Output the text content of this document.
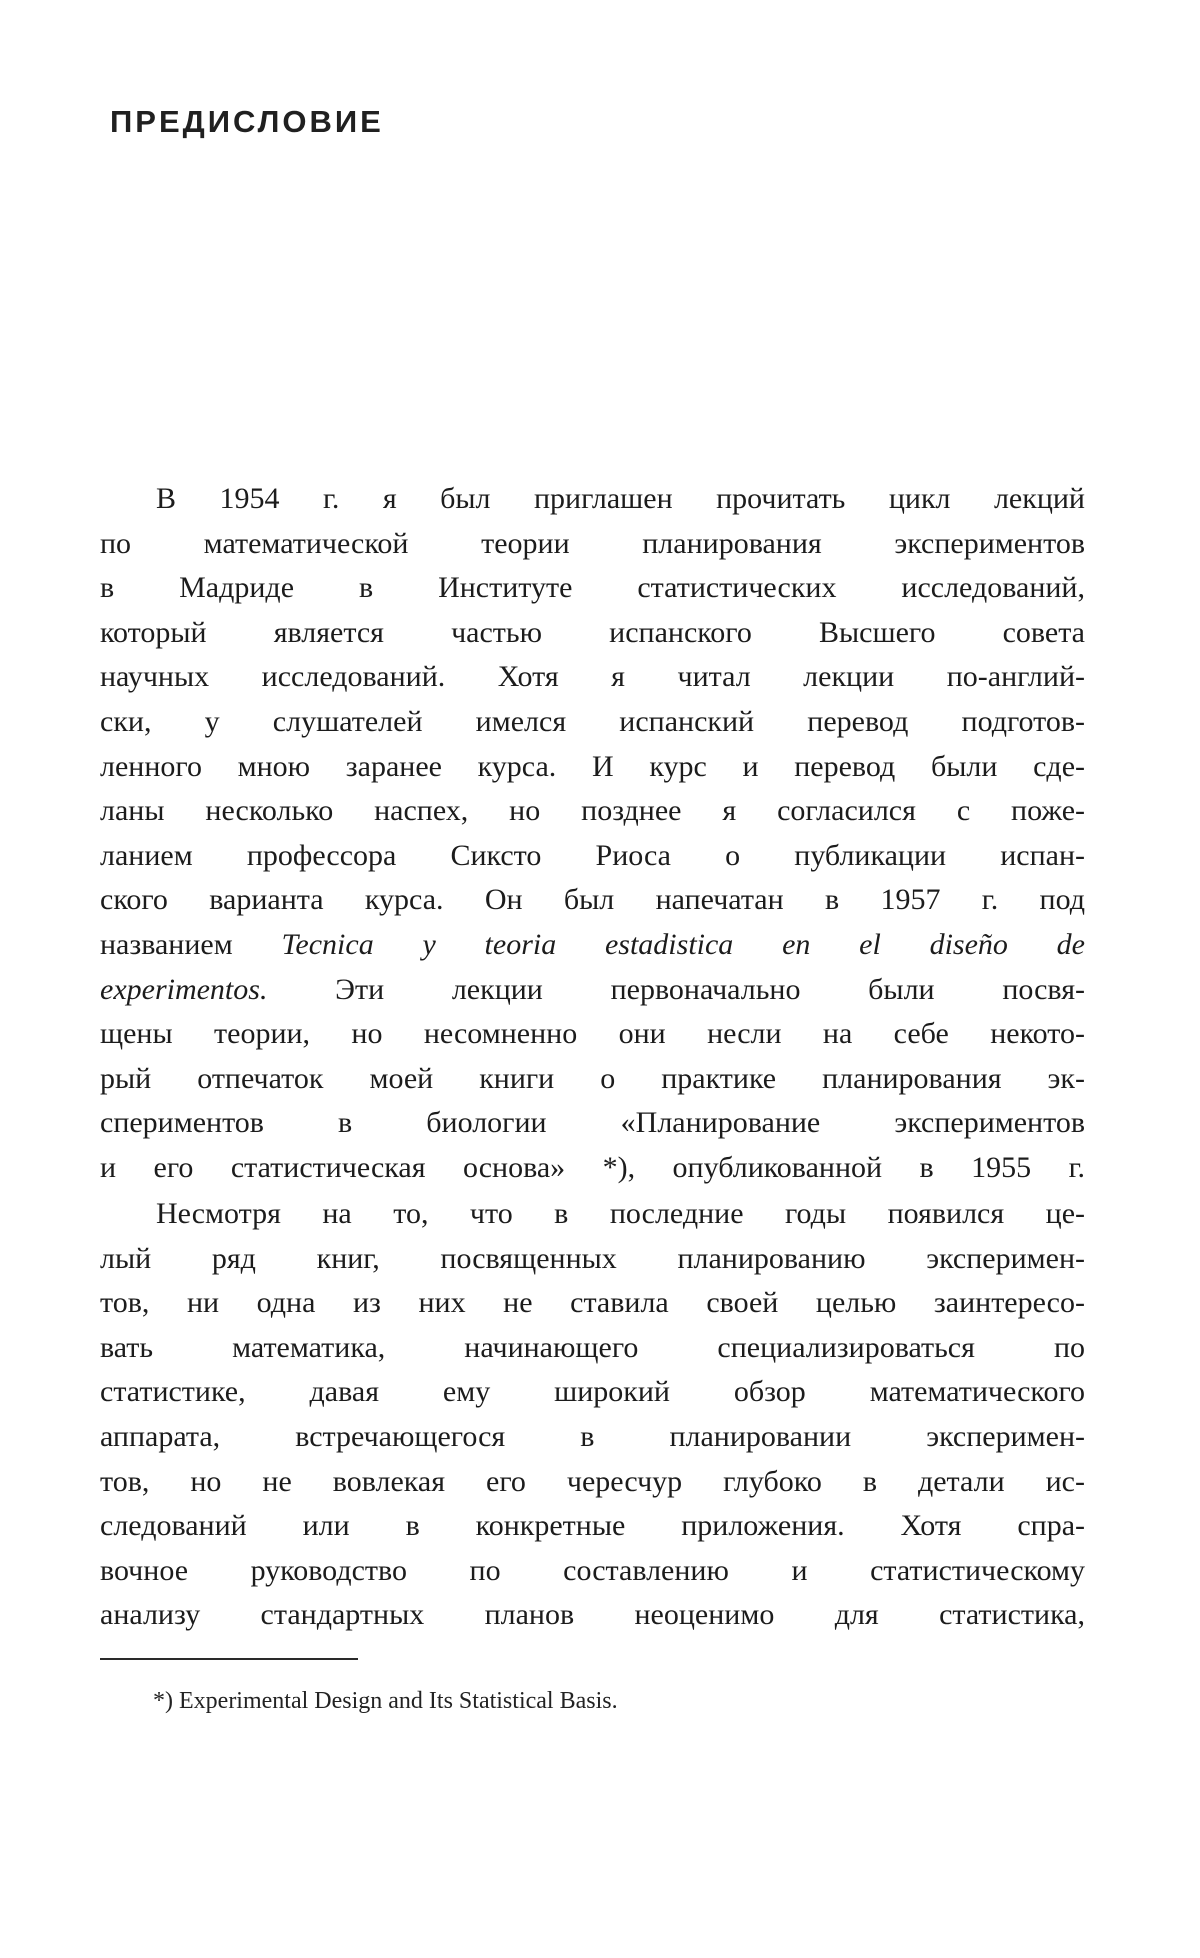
ПРЕДИСЛОВИЕ
В 1954 г. я был приглашен прочитать цикл лекций
по математической теории планирования экспериментов
в Мадриде в Институте статистических исследований,
который является частью испанского Высшего совета
научных исследований. Хотя я читал лекции по-англий-
ски, у слушателей имелся испанский перевод подготов-
ленного мною заранее курса. И курс и перевод были сде-
ланы несколько наспех, но позднее я согласился с поже-
ланием профессора Сиксто Риоса о публикации испан-
ского варианта курса. Он был напечатан в 1957 г. под
названием Tecnica y teoria estadistica en el diseño de
experimentos. Эти лекции первоначально были посвя-
щены теории, но несомненно они несли на себе некото-
рый отпечаток моей книги о практике планирования эк-
спериментов в биологии «Планирование экспериментов
и его статистическая основа» *), опубликованной в 1955 г.
Несмотря на то, что в последние годы появился це-
лый ряд книг, посвященных планированию эксперимен-
тов, ни одна из них не ставила своей целью заинтересо-
вать математика, начинающего специализироваться по
статистике, давая ему широкий обзор математического
аппарата, встречающегося в планировании эксперимен-
тов, но не вовлекая его чересчур глубоко в детали ис-
следований или в конкретные приложения. Хотя спра-
вочное руководство по составлению и статистическому
анализу стандартных планов неоценимо для статистика,
*) Experimental Design and Its Statistical Basis.
